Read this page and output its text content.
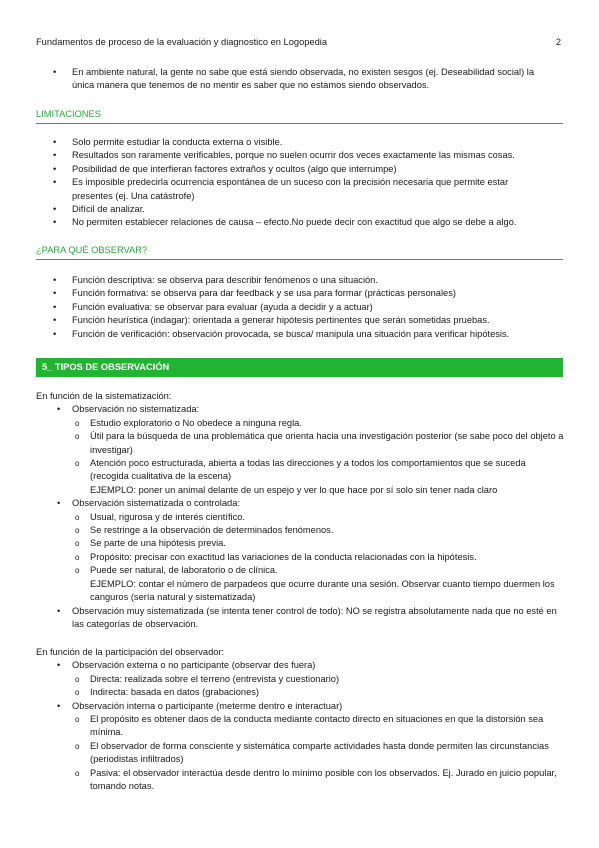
Fundamentos de proceso de la evaluación y diagnostico en Logopedia	2
• En ambiente natural, la gente no sabe que está siendo observada, no existen sesgos (ej. Deseabilidad social) la única manera que tenemos de no mentir es saber que no estamos siendo observados.
LIMITACIONES
• Solo permite estudiar la conducta externa o visible.
• Resultados son raramente verificables, porque no suelen ocurrir dos veces exactamente las mismas cosas.
• Posibilidad de que interfieran factores extraños y ocultos (algo que interrumpe)
• Es imposible predecirla ocurrencia espontánea de un suceso con la precisión necesaria que permite estar presentes (ej. Una catástrofe)
• Difícil de analizar.
• No permiten establecer relaciones de causa – efecto.No puede decir con exactitud que algo se debe a algo.
¿PARA QUÉ OBSERVAR?
• Función descriptiva: se observa para describir fenómenos o una situación.
• Función formativa: se observa para dar feedback y se usa para formar (prácticas personales)
• Función evaluativa: se observar para evaluar (ayuda a decidir y a actuar)
• Función heurística (indagar): orientada a generar hipótesis pertinentes que serán sometidas pruebas.
• Función de verificación: observación provocada, se busca/ manipula una situación para verificar hipótesis.
5_ TIPOS DE OBSERVACIÓN
En función de la sistematización:
• Observación no sistematizada:
o Estudio exploratorio o No obedece a ninguna regla.
o Útil para la búsqueda de una problemática que orienta hacia una investigación posterior (se sabe poco del objeto a investigar)
o Atención poco estructurada, abierta a todas las direcciones y a todos los comportamientos que se suceda (recogida cualitativa de la escena)
EJEMPLO: poner un animal delante de un espejo y ver lo que hace por sí solo sin tener nada claro
• Observación sistematizada o controlada:
o Usual, rigurosa y de interés científico.
o Se restringe a la observación de determinados fenómenos.
o Se parte de una hipótesis previa.
o Propósito: precisar con exactitud las variaciones de la conducta relacionadas con la hipótesis.
o Puede ser natural, de laboratorio o de clínica.
EJEMPLO: contar el número de parpadeos que ocurre durante una sesión. Observar cuanto tiempo duermen los canguros (sería natural y sistematizada)
• Observación muy sistematizada (se intenta tener control de todo): NO se registra absolutamente nada que no esté en las categorías de observación.
En función de la participación del observador:
• Observación externa o no participante (observar des fuera)
o Directa: realizada sobre el terreno (entrevista y cuestionario)
o Indirecta: basada en datos (grabaciones)
• Observación interna o participante (meterme dentro e interactuar)
o El propósito es obtener daos de la conducta mediante contacto directo en situaciones en que la distorsión sea mínima.
o El observador de forma consciente y sistemática comparte actividades hasta donde permiten las circunstancias (periodistas infiltrados)
o Pasiva: el observador interactúa desde dentro lo mínimo posible con los observados. Ej. Jurado en juicio popular, tomando notas.
